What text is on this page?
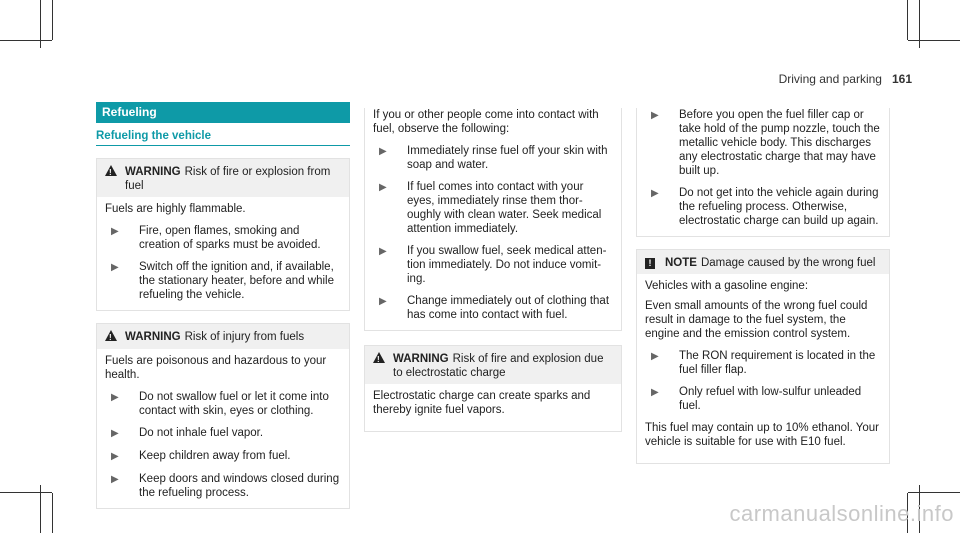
Driving and parking 161
Refueling
Refueling the vehicle
!
WARNING Risk of fire or explosion from fuel

Fuels are highly flammable.

▶	Fire, open flames, smoking and creation of sparks must be avoided.
▶	Switch off the ignition and, if available, the stationary heater, before and while refueling the vehicle.
!
WARNING Risk of injury from fuels

Fuels are poisonous and hazardous to your health.

▶	Do not swallow fuel or let it come into contact with skin, eyes or clothing.
▶	Do not inhale fuel vapor.
▶	Keep children away from fuel.
▶	Keep doors and windows closed during the refueling process.

If you or other people come into contact with fuel, observe the following:

▶	Immediately rinse fuel off your skin with soap and water.
▶	If fuel comes into contact with your eyes, immediately rinse them thor- oughly with clean water. Seek medical attention immediately.
▶	If you swallow fuel, seek medical atten- tion immediately. Do not induce vomit- ing.
▶	Change immediately out of clothing that has come into contact with fuel.
!
WARNING Risk of fire and explosion due to electrostatic charge

Electrostatic charge can create sparks and thereby ignite fuel vapors.

▶	Before you open the fuel filler cap or take hold of the pump nozzle, touch the metallic vehicle body. This discharges any electrostatic charge that may have built up.
▶	Do not get into the vehicle again during the refueling process. Otherwise, electrostatic charge can build up again.
!	NOTE Damage caused by the wrong fuel

Vehicles with a gasoline engine:

Even small amounts of the wrong fuel could result in damage to the fuel system, the engine and the emission control system.

▶	The RON requirement is located in the fuel filler flap.
▶	Only refuel with low-sulfur unleaded fuel.

This fuel may contain up to 10% ethanol. Your vehicle is suitable for use with E10 fuel.

carmanualsonline.info
